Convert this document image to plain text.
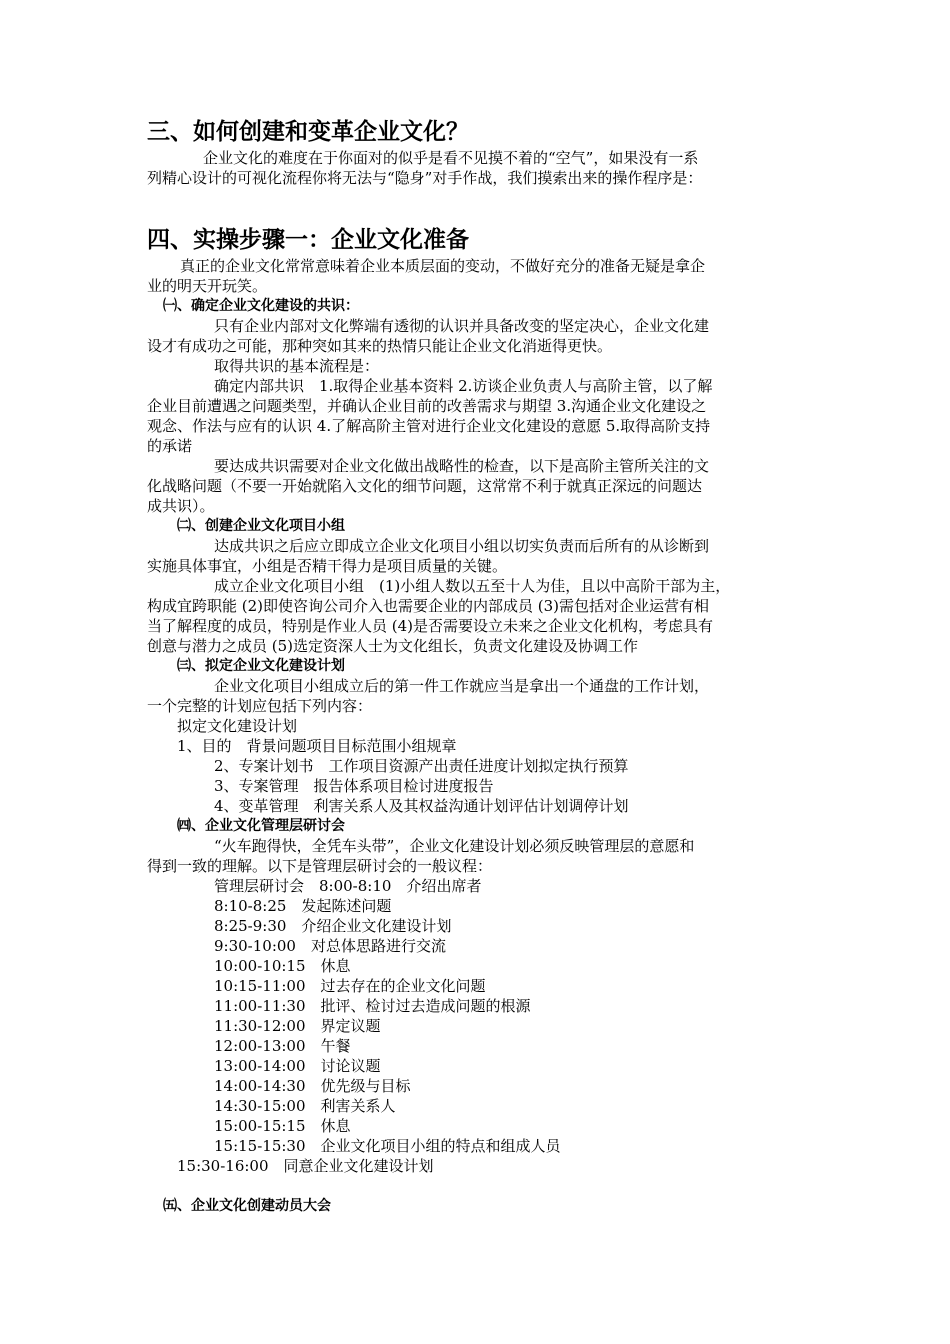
三、如何创建和变革企业文化？
企业文化的难度在于你面对的似乎是看不见摸不着的“空气”，如果没有一系
列精心设计的可视化流程你将无法与“隐身”对手作战，我们摸索出来的操作程序是：
四、实操步骤一：企业文化准备
真正的企业文化常常意味着企业本质层面的变动，不做好充分的准备无疑是拿企
业的明天开玩笑。
㈠、确定企业文化建设的共识：
只有企业内部对文化弊端有透彻的认识并具备改变的坚定决心，企业文化建
设才有成功之可能，那种突如其来的热情只能让企业文化消逝得更快。
取得共识的基本流程是：
确定内部共识　1.取得企业基本资料 2.访谈企业负责人与高阶主管，以了解
企业目前遭遇之问题类型，并确认企业目前的改善需求与期望 3.沟通企业文化建设之
观念、作法与应有的认识 4.了解高阶主管对进行企业文化建设的意愿 5.取得高阶支持
的承诺
要达成共识需要对企业文化做出战略性的检查，以下是高阶主管所关注的文
化战略问题（不要一开始就陷入文化的细节问题，这常常不利于就真正深远的问题达
成共识）。
㈡、创建企业文化项目小组
达成共识之后应立即成立企业文化项目小组以切实负责而后所有的从诊断到
实施具体事宜，小组是否精干得力是项目质量的关键。
成立企业文化项目小组　(1)小组人数以五至十人为佳，且以中高阶干部为主，
构成宜跨职能 (2)即使咨询公司介入也需要企业的内部成员 (3)需包括对企业运营有相
当了解程度的成员，特别是作业人员 (4)是否需要设立未来之企业文化机构，考虑具有
创意与潜力之成员 (5)选定资深人士为文化组长，负责文化建设及协调工作
㈢、拟定企业文化建设计划
企业文化项目小组成立后的第一件工作就应当是拿出一个通盘的工作计划，
一个完整的计划应包括下列内容：
拟定文化建设计划
1、目的　背景问题项目目标范围小组规章
2、专案计划书　工作项目资源产出责任进度计划拟定执行预算
3、专案管理　报告体系项目检讨进度报告
4、变革管理　利害关系人及其权益沟通计划评估计划调停计划
㈣、企业文化管理层研讨会
“火车跑得快，全凭车头带”，企业文化建设计划必须反映管理层的意愿和
得到一致的理解。以下是管理层研讨会的一般议程：
管理层研讨会　8:00-8:10　介绍出席者
8:10-8:25　发起陈述问题
8:25-9:30　介绍企业文化建设计划
9:30-10:00　对总体思路进行交流
10:00-10:15　休息
10:15-11:00　过去存在的企业文化问题
11:00-11:30　批评、检讨过去造成问题的根源
11:30-12:00　界定议题
12:00-13:00　午餐
13:00-14:00　讨论议题
14:00-14:30　优先级与目标
14:30-15:00　利害关系人
15:00-15:15　休息
15:15-15:30　企业文化项目小组的特点和组成人员
15:30-16:00　同意企业文化建设计划
㈤、企业文化创建动员大会
